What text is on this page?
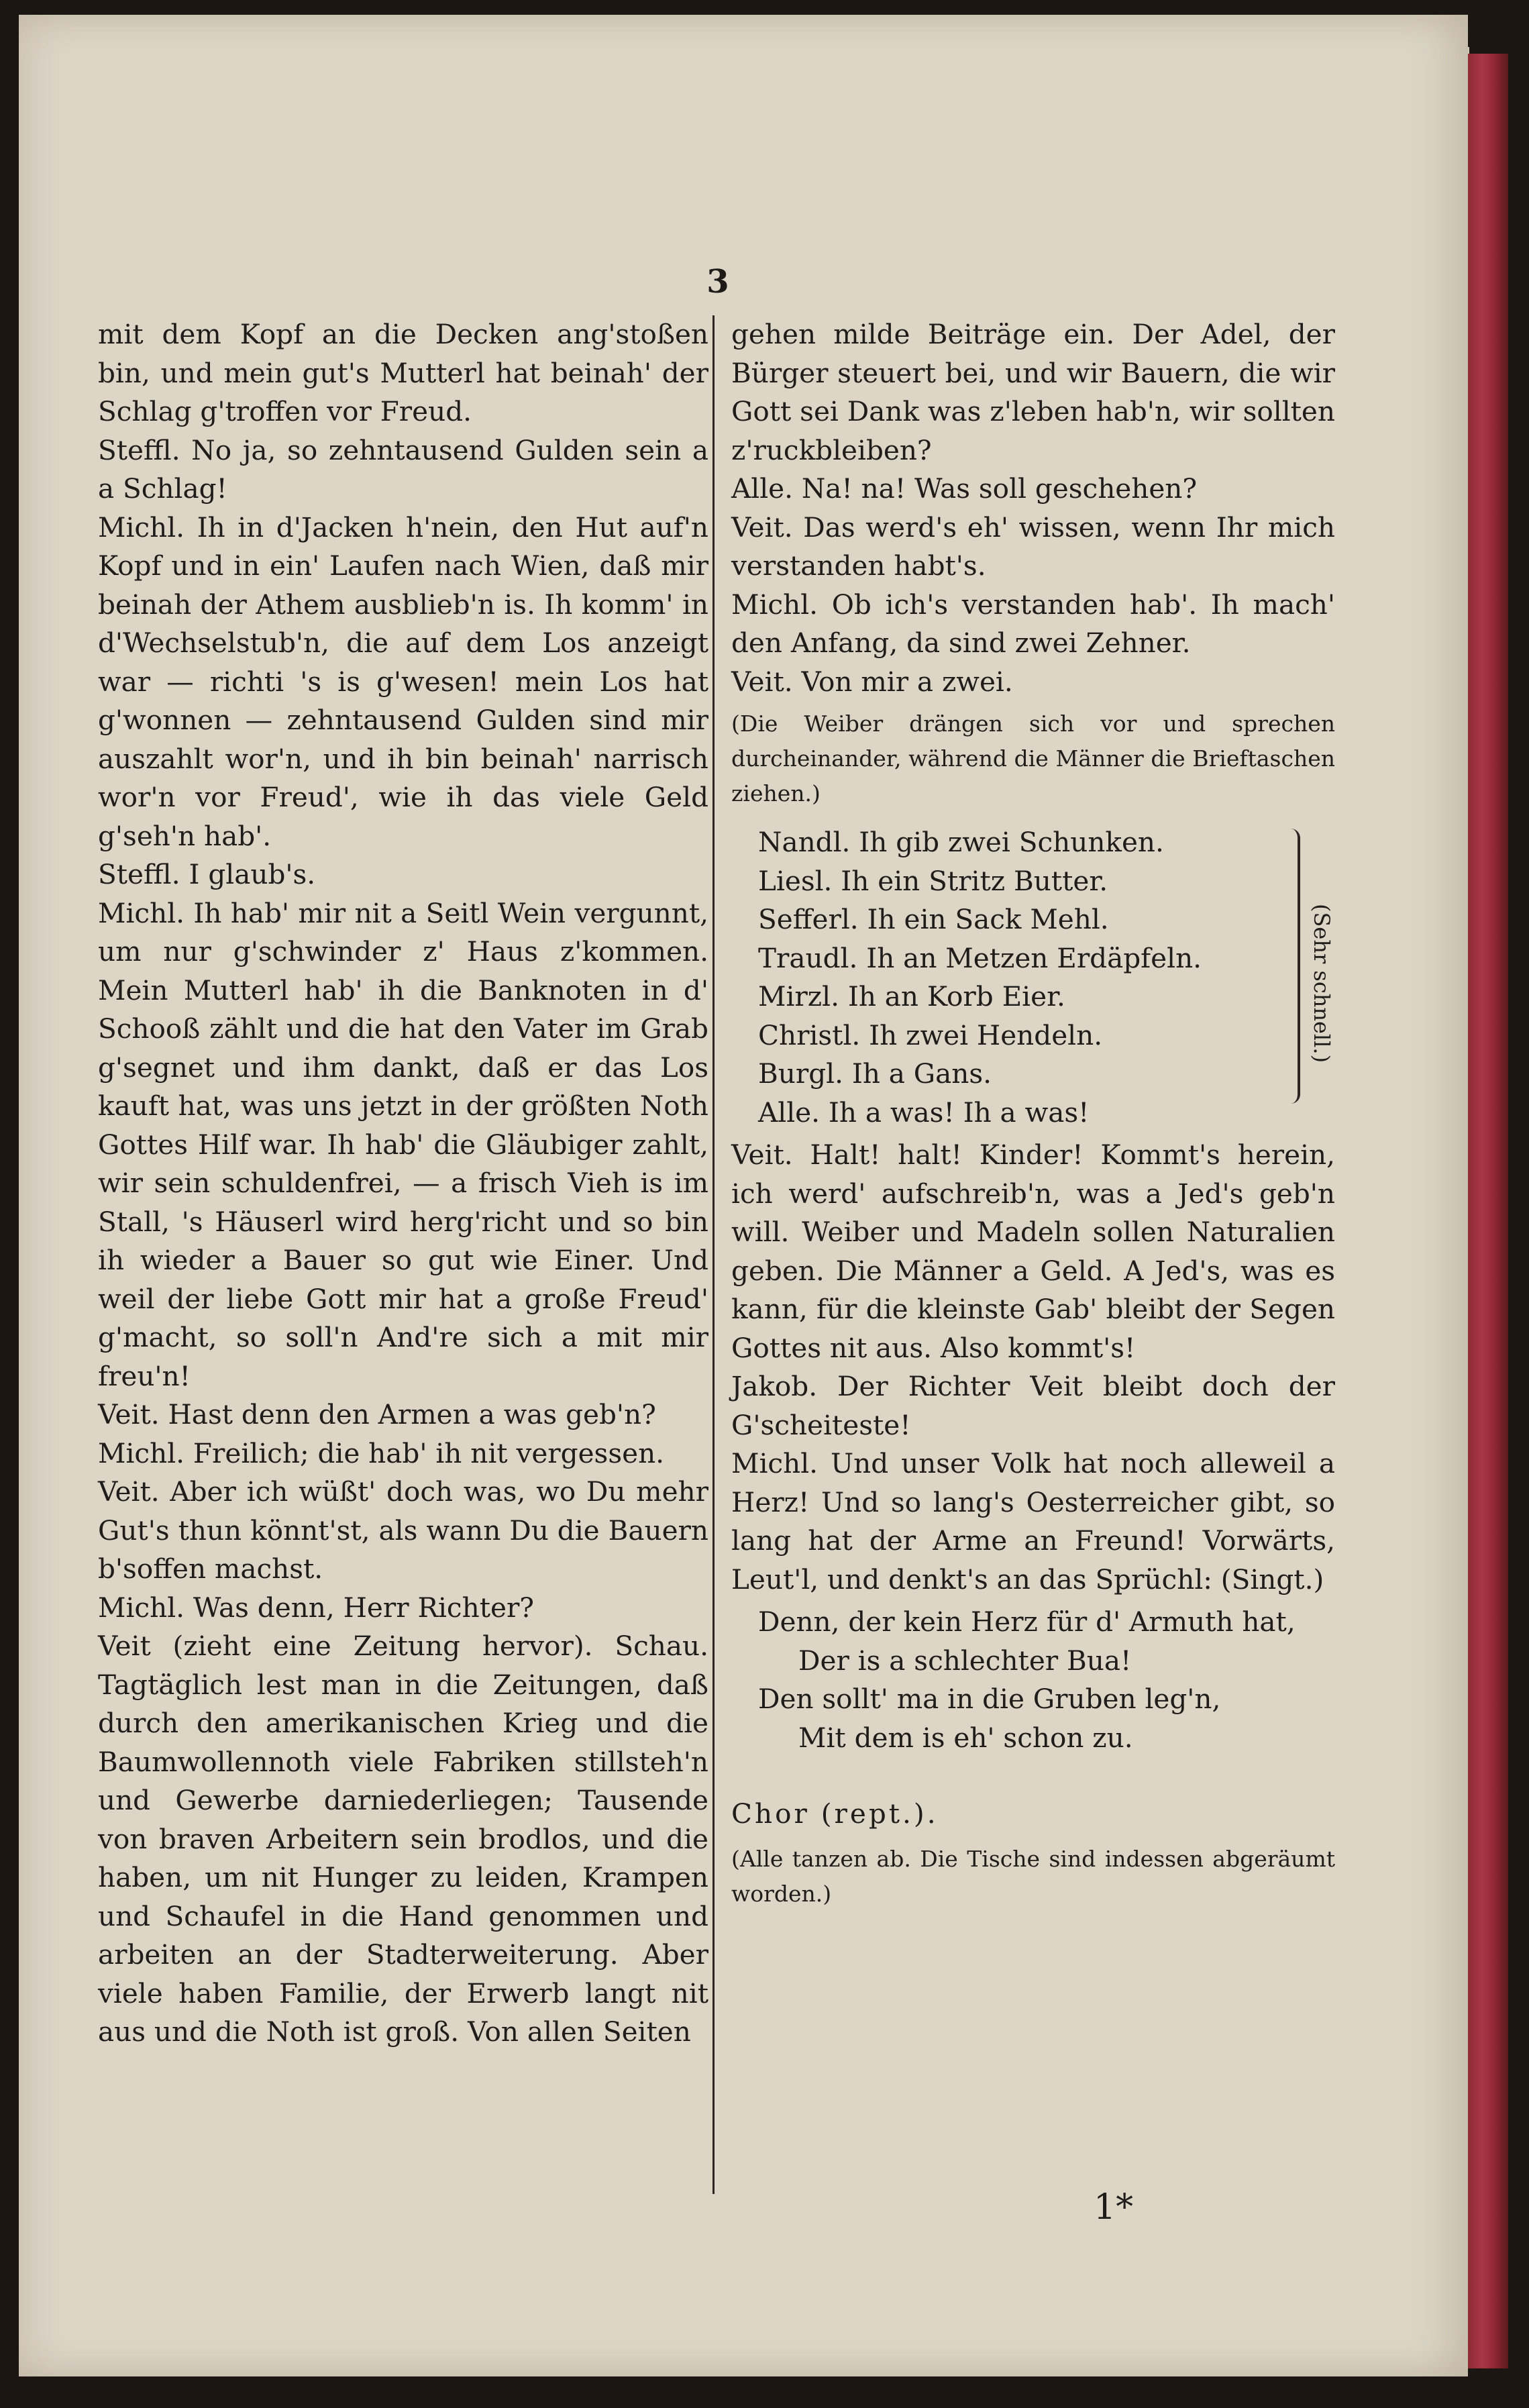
3

mit dem Kopf an die Decken ang'stoßen bin, und mein gut's Mutterl hat beinah' der Schlag g'troffen vor Freud.

Steffl. No ja, so zehntausend Gulden sein a a Schlag!

Michl. Ih in d'Jacken h'nein, den Hut auf'n Kopf und in ein' Laufen nach Wien, daß mir beinah der Athem ausblieb'n is. Ih komm' in d'Wechselstub'n, die auf dem Los anzeigt war — richti 's is g'wesen! mein Los hat g'wonnen — zehntausend Gulden sind mir auszahlt wor'n, und ih bin beinah' narrisch wor'n vor Freud', wie ih das viele Geld g'seh'n hab'.

Steffl. I glaub's.

Michl. Ih hab' mir nit a Seitl Wein vergunnt, um nur g'schwinder z' Haus z'kommen. Mein Mutterl hab' ih die Banknoten in d' Schooß zählt und die hat den Vater im Grab g'segnet und ihm dankt, daß er das Los kauft hat, was uns jetzt in der größten Noth Gottes Hilf war. Ih hab' die Gläubiger zahlt, wir sein schuldenfrei, — a frisch Vieh is im Stall, 's Häuserl wird herg'richt und so bin ih wieder a Bauer so gut wie Einer. Und weil der liebe Gott mir hat a große Freud' g'macht, so soll'n And're sich a mit mir freu'n!

Veit. Hast denn den Armen a was geb'n?

Michl. Freilich; die hab' ih nit vergessen.

Veit. Aber ich wüßt' doch was, wo Du mehr Gut's thun könnt'st, als wann Du die Bauern b'soffen machst.

Michl. Was denn, Herr Richter?

Veit (zieht eine Zeitung hervor). Schau. Tagtäglich lest man in die Zeitungen, daß durch den amerikanischen Krieg und die Baumwollennoth viele Fabriken stillsteh'n und Gewerbe darniederliegen; Tausende von braven Arbeitern sein brodlos, und die haben, um nit Hunger zu leiden, Krampen und Schaufel in die Hand genommen und arbeiten an der Stadterweiterung. Aber viele haben Familie, der Erwerb langt nit aus und die Noth ist groß. Von allen Seiten

gehen milde Beiträge ein. Der Adel, der Bürger steuert bei, und wir Bauern, die wir Gott sei Dank was z'leben hab'n, wir sollten z'ruckbleiben?

Alle. Na! na! Was soll geschehen?

Veit. Das werd's eh' wissen, wenn Ihr mich verstanden habt's.

Michl. Ob ich's verstanden hab'. Ih mach' den Anfang, da sind zwei Zehner.

Veit. Von mir a zwei.

(Die Weiber drängen sich vor und sprechen durcheinander, während die Männer die Brieftaschen ziehen.)

Nandl. Ih gib zwei Schunken.
Liesl. Ih ein Stritz Butter.
Sefferl. Ih ein Sack Mehl.
Traudl. Ih an Metzen Erdäpfeln.
Mirzl. Ih an Korb Eier.
Christl. Ih zwei Hendeln.
Burgl. Ih a Gans.
Alle. Ih a was! Ih a was!
(Sehr schnell.)

Veit. Halt! halt! Kinder! Kommt's herein, ich werd' aufschreib'n, was a Jed's geb'n will. Weiber und Madeln sollen Naturalien geben. Die Männer a Geld. A Jed's, was es kann, für die kleinste Gab' bleibt der Segen Gottes nit aus. Also kommt's!

Jakob. Der Richter Veit bleibt doch der G'scheiteste!

Michl. Und unser Volk hat noch alleweil a Herz! Und so lang's Oesterreicher gibt, so lang hat der Arme an Freund! Vorwärts, Leut'l, und denkt's an das Sprüchl: (Singt.)

Denn, der kein Herz für d' Armuth hat,
Der is a schlechter Bua!
Den sollt' ma in die Gruben leg'n,
Mit dem is eh' schon zu.

Chor (rept.).

(Alle tanzen ab. Die Tische sind indessen abgeräumt worden.)

1*
